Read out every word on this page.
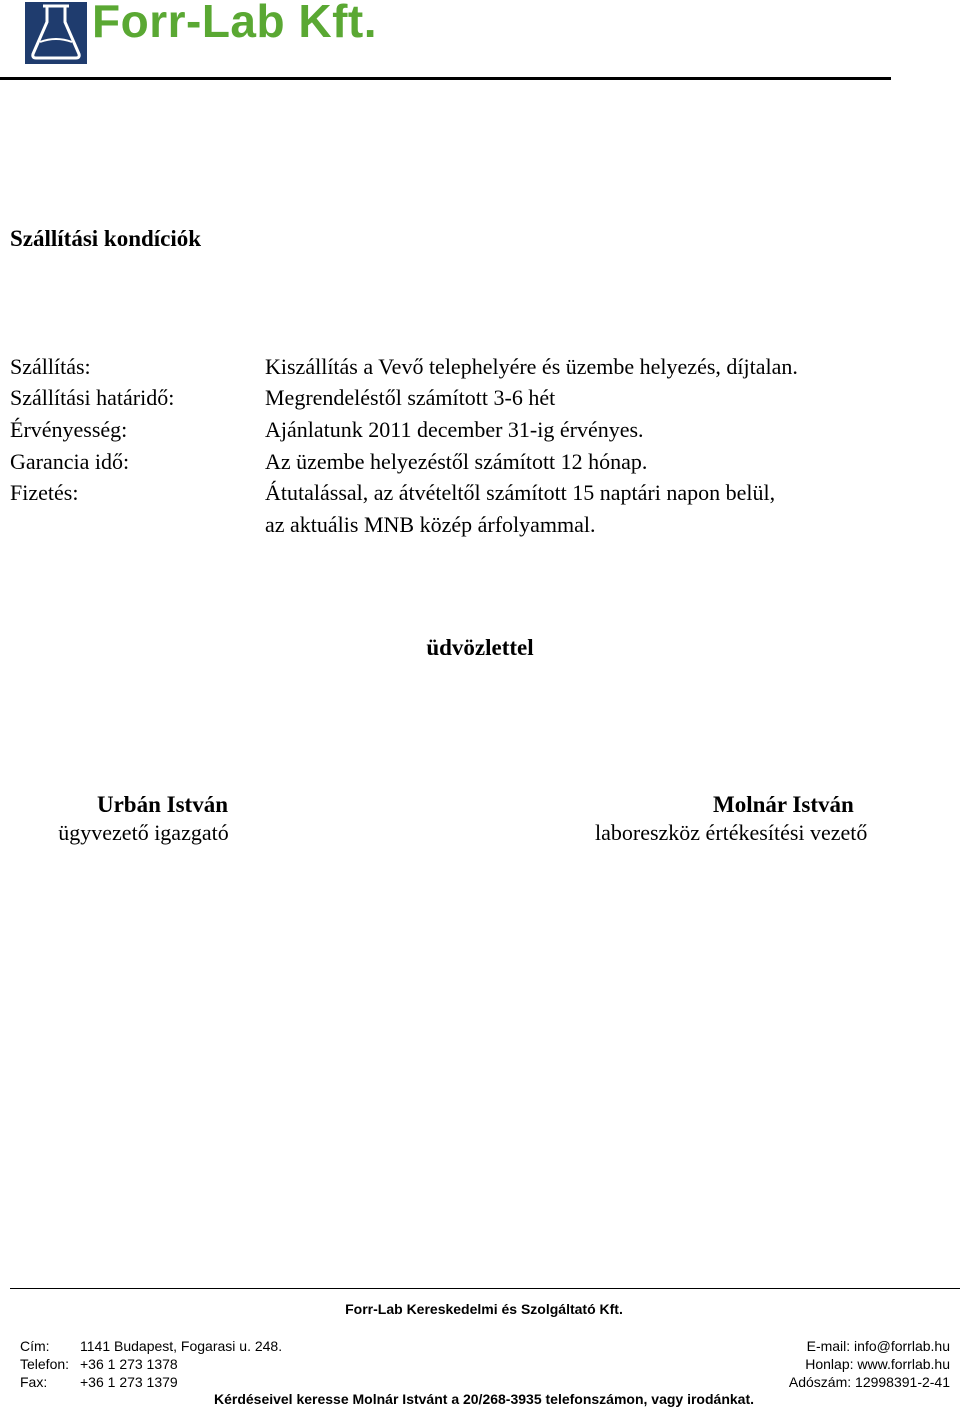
Forr-Lab Kft.
Szállítási kondíciók
Szállítás:	Kiszállítás a Vevő telephelyére és üzembe helyezés, díjtalan.
Szállítási határidő:	Megrendeléstől számított 3-6 hét
Érvényesség:	Ajánlatunk 2011 december 31-ig érvényes.
Garancia idő:	Az üzembe helyezéstől számított 12 hónap.
Fizetés:	Átutalással, az átvételtől számított 15 naptári napon belül,
az aktuális MNB közép árfolyammal.
üdvözlettel
Urbán István
ügyvezető igazgató
Molnár István
laboreszköz értékesítési vezető
Forr-Lab Kereskedelmi és Szolgáltató Kft.
Cím: 1141 Budapest, Fogarasi u. 248.
Telefon: +36 1 273 1378
Fax: +36 1 273 1379
E-mail: info@forrlab.hu
Honlap: www.forrlab.hu
Adószám: 12998391-2-41
Kérdéseivel keresse Molnár Istvánt a 20/268-3935 telefonszámon, vagy irodánkat.
